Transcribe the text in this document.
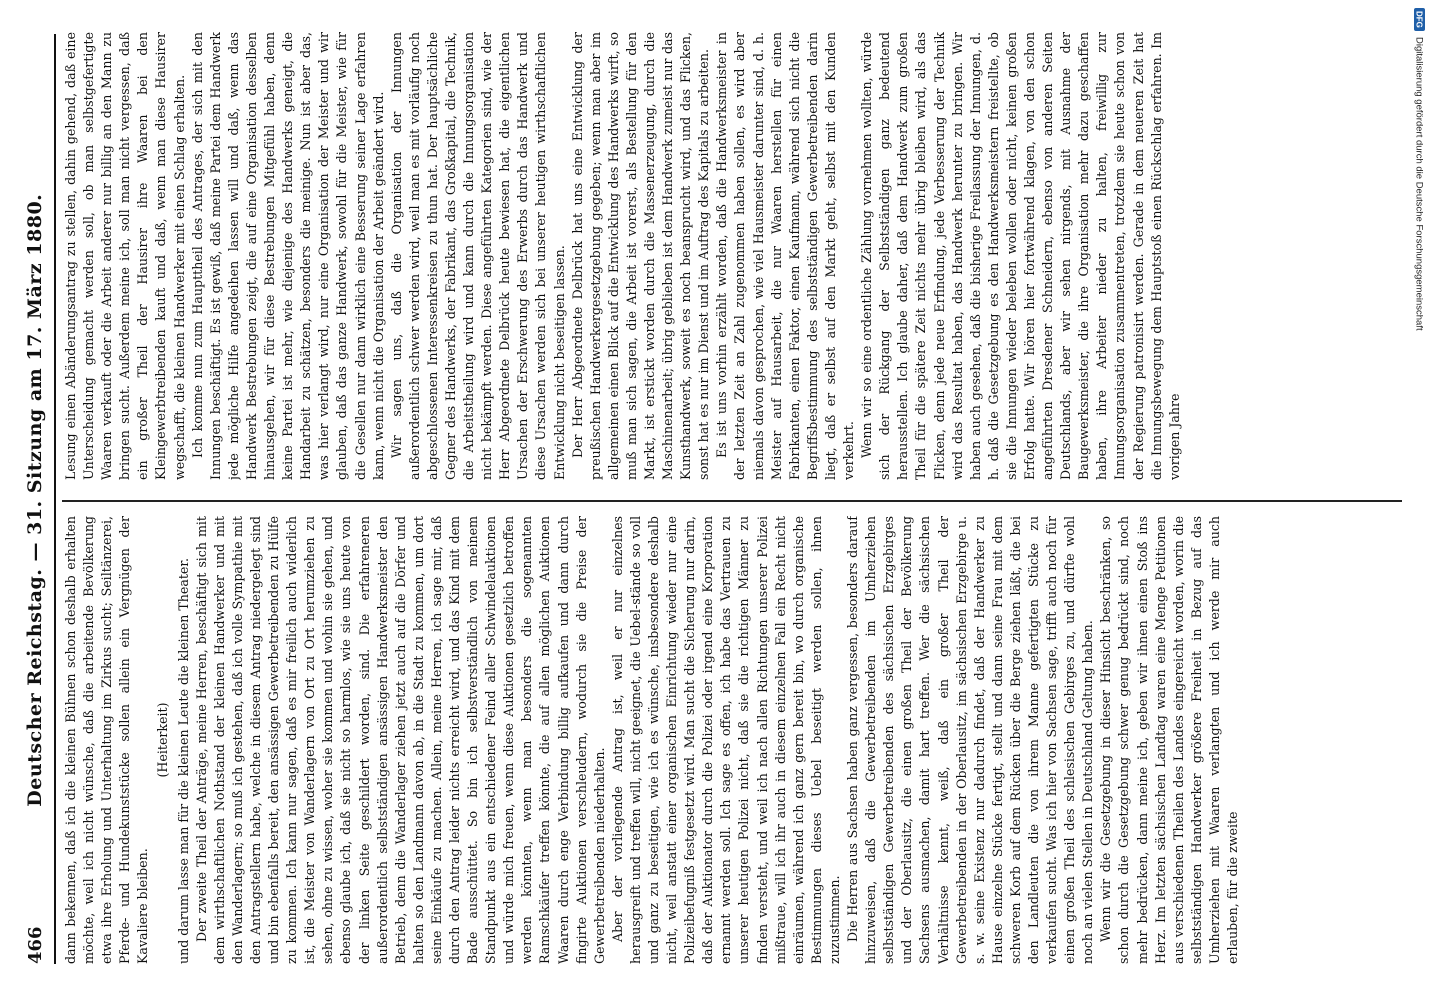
466
Deutscher Reichstag. — 31. Sitzung am 17. März 1880. dann bekennen, daß ich die kleinen Bühnen schon deshalb erhalten möchte, weil ich nicht wünsche, daß die arbeitende Bevölkerung etwa ihre Erholung und Unterhaltung im Zirkus sucht; Seiltänzerei, Pferde- und Hundekunststücke sollen allein ein Vergnügen der Kavaliere bleiben.

(Heiterkeit) und darum lasse man für die kleinen Leute die kleinen Theater. Der zweite Theil der Anträge, meine Herren, beschäftigt sich mit dem wirthschaftlichen Nothstand der kleinen Handwerker und mit den Wanderlagern; so muß ich gestehen, daß ich volle Sympathie mit den Antragstellern habe, welche in diesem Antrag niedergelegt sind und bin ebenfalls bereit, den ansässigen Gewerbetreibenden zu Hülfe zu kommen. Ich kann nur sagen, daß es mir freilich auch widerlich ist, die Meister von Wanderlagern von Ort zu Ort herumziehen zu sehen, ohne zu wissen, woher sie kommen und wohin sie gehen, und ebenso glaube ich, daß sie nicht so harmlos, wie sie uns heute von der linken Seite geschildert worden, sind. Die erfahreneren außerordentlich selbstständigen ansässigen Handwerksmeister den Betrieb, denn die Wanderlager ziehen jetzt auch auf die Dörfer und halten so den Landmann davon ab, in die Stadt zu kommen, um dort seine Einkäufe zu machen. Allein, meine Herren, ich sage mir, daß durch den Antrag leider nichts erreicht wird, und das Kind mit dem Bade ausschüttet. So bin ich selbstverständlich von meinem Standpunkt aus ein entschiedener Feind aller Schwindelauktionen und würde mich freuen, wenn diese Auktionen gesetzlich betroffen werden könnten, wenn man besonders die sogenannten Ramschkäufer treffen könnte, die auf allen möglichen Auktionen Waaren durch enge Verbindung billig aufkaufen und dann durch fingirte Auktionen verschleudern, wodurch sie die Preise der Gewerbetreibenden niederhalten. Aber der vorliegende Antrag ist, weil er nur einzelnes herausgreift und treffen will, nicht geeignet, die Uebel-stände so voll und ganz zu beseitigen, wie ich es wünsche, insbesondere deshalb nicht, weil anstatt einer organischen Einrichtung wieder nur eine Polizeibefugniß festgesetzt wird. Man sucht die Sicherung nur darin, daß der Auktionator durch die Polizei oder irgend eine Korporation ernannt werden soll. Ich sage es offen, ich habe das Vertrauen zu unserer heutigen Polizei nicht, daß sie die richtigen Männer zu finden versteht, und weil ich nach allen Richtungen unserer Polizei mißtraue, will ich ihr auch in diesem einzelnen Fall ein Recht nicht einräumen, während ich ganz gern bereit bin, wo durch organische Bestimmungen dieses Uebel beseitigt werden sollen, ihnen zuzustimmen. Die Herren aus Sachsen haben ganz vergessen, besonders darauf hinzuweisen, daß die Gewerbetreibenden im Umherziehen selbstständigen Gewerbetreibenden des sächsischen Erzgebirges und der Oberlausitz, die einen großen Theil der Bevölkerung Sachsens ausmachen, damit hart treffen. Wer die sächsischen Verhältnisse kennt, weiß, daß ein großer Theil der Gewerbetreibenden in der Oberlausitz, im sächsischen Erzgebirge u. s. w. seine Existenz nur dadurch findet, daß der Handwerker zu Hause einzelne Stücke fertigt, stellt und dann seine Frau mit dem schweren Korb auf dem Rücken über die Berge ziehen läßt, die bei den Landleuten die von ihrem Manne gefertigten Stücke zu verkaufen sucht. Was ich hier von Sachsen sage, trifft auch noch für einen großen Theil des schlesischen Gebirges zu, und dürfte wohl noch an vielen Stellen in Deutschland Geltung haben. Wenn wir die Gesetzgebung in dieser Hinsicht beschränken, so schon durch die Gesetzgebung schwer genug bedrückt sind, noch mehr bedrücken, dann meine ich, geben wir ihnen einen Stoß ins Herz. Im letzten sächsischen Landtag waren eine Menge Petitionen aus verschiedenen Theilen des Landes eingereicht worden, worin die selbstständigen Handwerker größere Freiheit in Bezug auf das Umherziehen mit Waaren verlangten und ich werde mir auch erlauben, für die zweite

Lesung einen Abänderungsantrag zu stellen, dahin gehend, daß eine Unterscheidung gemacht werden soll, ob man selbstgefertigte Waaren verkauft oder die Arbeit anderer nur billig an den Mann zu bringen sucht. Außerdem meine ich, soll man nicht vergessen, daß ein großer Theil der Hausirer ihre Waaren bei den Kleingewerbtreibenden kauft und daß, wenn man diese Hausirer wegschafft, die kleinen Handwerker mit einen Schlag erhalten. Ich komme nun zum Haupttheil des Antrages, der sich mit den Innungen beschäftigt. Es ist gewiß, daß meine Partei dem Handwerk jede mögliche Hilfe angedeihen lassen will und daß, wenn das Handwerk Bestrebungen zeigt, die auf eine Organisation desselben hinausgehen, wir für diese Bestrebungen Mitgefühl haben, denn keine Partei ist mehr, wie diejenige des Handwerks geneigt, die Handarbeit zu schätzen, besonders die meinige. Nun ist aber das, was hier verlangt wird, nur eine Organisation der Meister und wir glauben, daß das ganze Handwerk, sowohl für die Meister, wie für die Gesellen nur dann wirklich eine Besserung seiner Lage erfahren kann, wenn nicht die Organisation der Arbeit geändert wird. Wir sagen uns, daß die Organisation der Innungen außerordentlich schwer werden wird, weil man es mit vorläufig noch abgeschlossenen Interessenkreisen zu thun hat. Der hauptsächliche Gegner des Handwerks, der Fabrikant, das Großkapital, die Technik, die Arbeitstheilung wird und kann durch die Innungsorganisation nicht bekämpft werden. Diese angeführten Kategorien sind, wie der Herr Abgeordnete Delbrück heute bewiesen hat, die eigentlichen Ursachen der Erschwerung des Erwerbs durch das Handwerk und diese Ursachen werden sich bei unserer heutigen wirthschaftlichen Entwicklung nicht beseitigen lassen. Der Herr Abgeordnete Delbrück hat uns eine Entwicklung der preußischen Handwerkergesetzgebung gegeben; wenn man aber im allgemeinen einen Blick auf die Entwicklung des Handwerks wirft, so muß man sich sagen, die Arbeit ist vorerst, als Bestellung für den Markt, ist erstickt worden durch die Massenerzeugung, durch die Maschinenarbeit; übrig geblieben ist dem Handwerk zumeist nur das Kunsthandwerk, soweit es noch beansprucht wird, und das Flicken, sonst hat es nur im Dienst und im Auftrag des Kapitals zu arbeiten. Es ist uns vorhin erzählt worden, daß die Handwerksmeister in der letzten Zeit an Zahl zugenommen haben sollen, es wird aber niemals davon gesprochen, wie viel Hausmeister darunter sind, d. h. Meister auf Hausarbeit, die nur Waaren herstellen für einen Fabrikanten, einen Faktor, einen Kaufmann, während sich nicht die Begriffsbestimmung des selbstständigen Gewerbetreibenden darin liegt, daß er selbst auf den Markt geht, selbst mit den Kunden verkehrt. Wenn wir so eine ordentliche Zählung vornehmen wollten, würde sich der Rückgang der Selbstständigen ganz bedeutend herausstellen. Ich glaube daher, daß dem Handwerk zum großen Theil für die spätere Zeit nichts mehr übrig bleiben wird, als das Flicken, denn jede neue Erfindung, jede Verbesserung der Technik wird das Resultat haben, das Handwerk herunter zu bringen. Wir haben auch gesehen, daß die bisherige Freilassung der Innungen, d. h. daß die Gesetzgebung es den Handwerksmeistern freistellte, ob sie die Innungen wieder beleben wollen oder nicht, keinen großen Erfolg hatte. Wir hören hier fortwährend klagen, von den schon angeführten Dresdener Schneidern, ebenso von anderen Seiten Deutschlands, aber wir sehen nirgends, mit Ausnahme der Baugewerksmeister, die ihre Organisation mehr dazu geschaffen haben, ihre Arbeiter nieder zu halten, freiwillig zur Innungsorganisation zusammentreten, trotzdem sie heute schon von der Regierung patronisirt werden. Gerade in dem neueren Zeit hat die Innungsbewegung dem Hauptstoß einen Rückschlag erfahren. Im vorigen Jahre

DFG
Digitalisierung gefördert durch die Deutsche Forschungsgemeinschaft
